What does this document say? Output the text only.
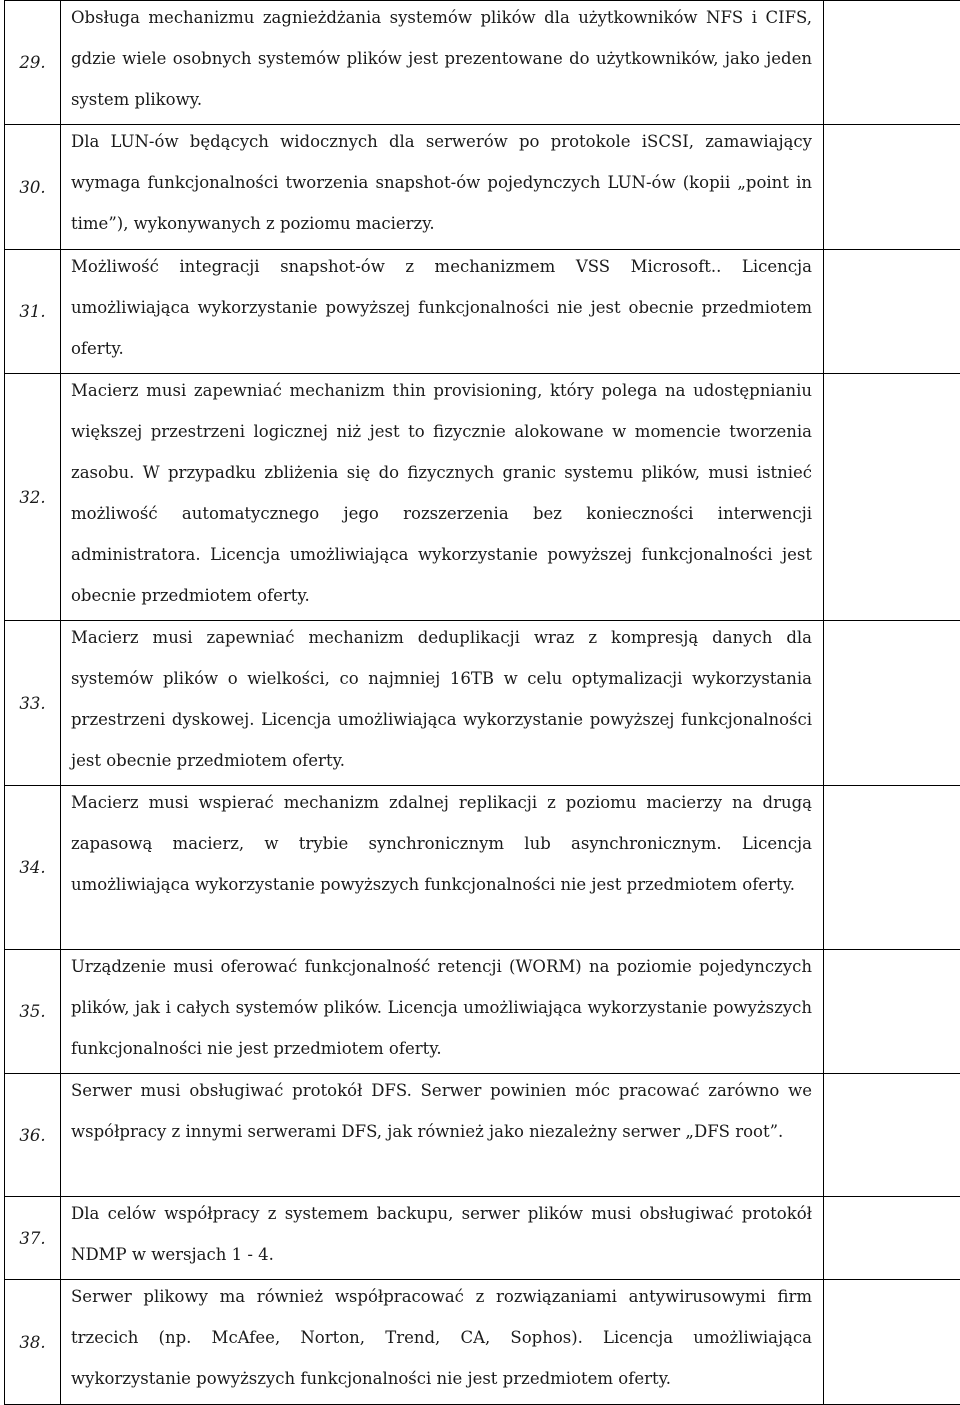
29.	Obsługa mechanizmu zagnieżdżania systemów plików dla użytkowników NFS i CIFS, gdzie wiele osobnych systemów plików jest prezentowane do użytkowników, jako jeden system plikowy.	

30.	Dla LUN-ów będących widocznych dla serwerów po protokole iSCSI, zamawiający wymaga funkcjonalności tworzenia snapshot-ów pojedynczych LUN-ów (kopii „point in time”), wykonywanych z poziomu macierzy.	

31.	Możliwość integracji snapshot-ów z mechanizmem VSS Microsoft.. Licencja umożliwiająca wykorzystanie powyższej funkcjonalności nie jest obecnie przedmiotem oferty.	

32.	Macierz musi zapewniać mechanizm thin provisioning, który polega na udostępnianiu większej przestrzeni logicznej niż jest to fizycznie alokowane w momencie tworzenia zasobu. W przypadku zbliżenia się do fizycznych granic systemu plików, musi istnieć możliwość automatycznego jego rozszerzenia bez konieczności interwencji administratora. Licencja umożliwiająca wykorzystanie powyższej funkcjonalności jest obecnie przedmiotem oferty.	

33.	Macierz musi zapewniać mechanizm deduplikacji wraz z kompresją danych dla systemów plików o wielkości, co najmniej 16TB w celu optymalizacji wykorzystania przestrzeni dyskowej. Licencja umożliwiająca wykorzystanie powyższej funkcjonalności jest obecnie przedmiotem oferty.	

34.	Macierz musi wspierać mechanizm zdalnej replikacji z poziomu macierzy na drugą zapasową macierz, w trybie synchronicznym lub asynchronicznym. Licencja umożliwiająca wykorzystanie powyższych funkcjonalności nie jest przedmiotem oferty.	

35.	Urządzenie musi oferować funkcjonalność retencji (WORM) na poziomie pojedynczych plików, jak i całych systemów plików. Licencja umożliwiająca wykorzystanie powyższych funkcjonalności nie jest przedmiotem oferty.	

36.	Serwer musi obsługiwać protokół DFS. Serwer powinien móc pracować zarówno we współpracy z innymi serwerami DFS, jak również jako niezależny serwer „DFS root”.	

37.	Dla celów współpracy z systemem backupu, serwer plików musi obsługiwać protokół NDMP w wersjach 1 - 4.	

38.	Serwer plikowy ma również współpracować z rozwiązaniami antywirusowymi firm trzecich (np. McAfee, Norton, Trend, CA, Sophos). Licencja umożliwiająca wykorzystanie powyższych funkcjonalności nie jest przedmiotem oferty.	
